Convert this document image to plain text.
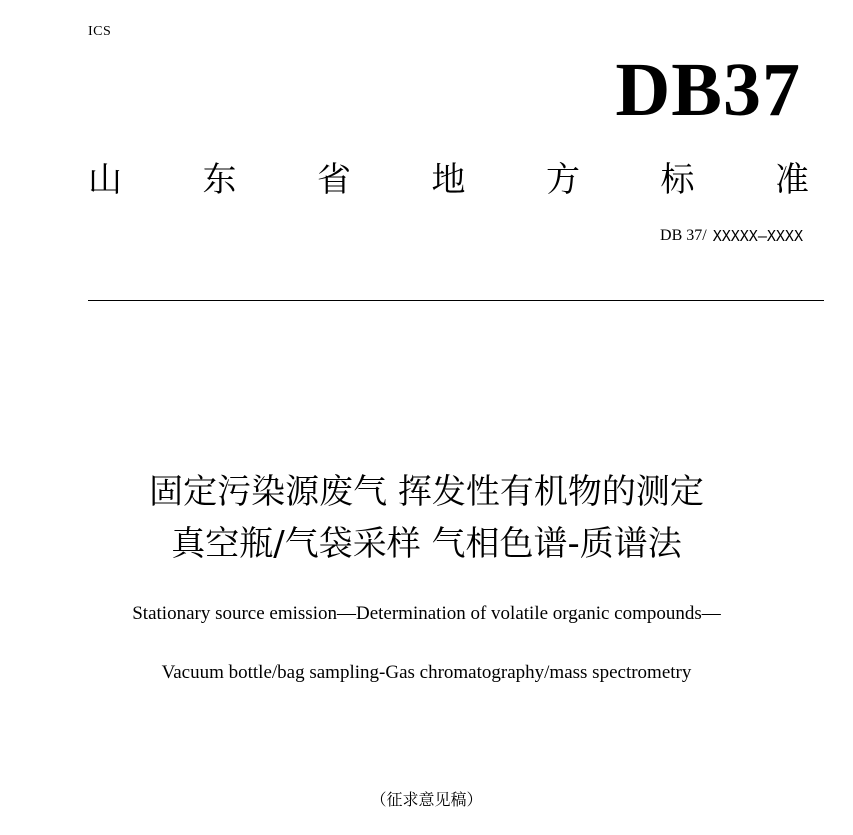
ICS
DB37
山 东 省 地 方 标 准
DB 37/ XXXXX—XXXX
固定污染源废气 挥发性有机物的测定
真空瓶/气袋采样 气相色谱-质谱法
Stationary source emission—Determination of volatile organic compounds—
Vacuum bottle/bag sampling-Gas chromatography/mass spectrometry
（征求意见稿）
